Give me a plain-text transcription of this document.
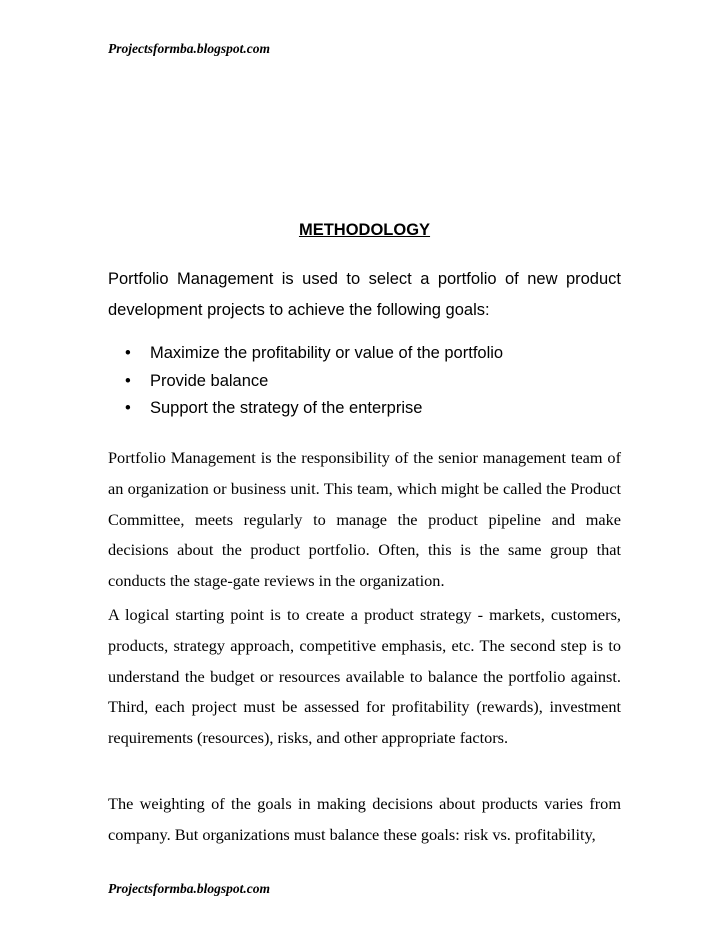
Projectsformba.blogspot.com
METHODOLOGY

Portfolio Management is used to select a portfolio of new product development projects to achieve the following goals:

• Maximize the profitability or value of the portfolio
• Provide balance
• Support the strategy of the enterprise

Portfolio Management is the responsibility of the senior management team of an organization or business unit. This team, which might be called the Product Committee, meets regularly to manage the product pipeline and make decisions about the product portfolio. Often, this is the same group that conducts the stage-gate reviews in the organization.

A logical starting point is to create a product strategy - markets, customers, products, strategy approach, competitive emphasis, etc. The second step is to understand the budget or resources available to balance the portfolio against. Third, each project must be assessed for profitability (rewards), investment requirements (resources), risks, and other appropriate factors.

The weighting of the goals in making decisions about products varies from company. But organizations must balance these goals: risk vs. profitability,

Projectsformba.blogspot.com
